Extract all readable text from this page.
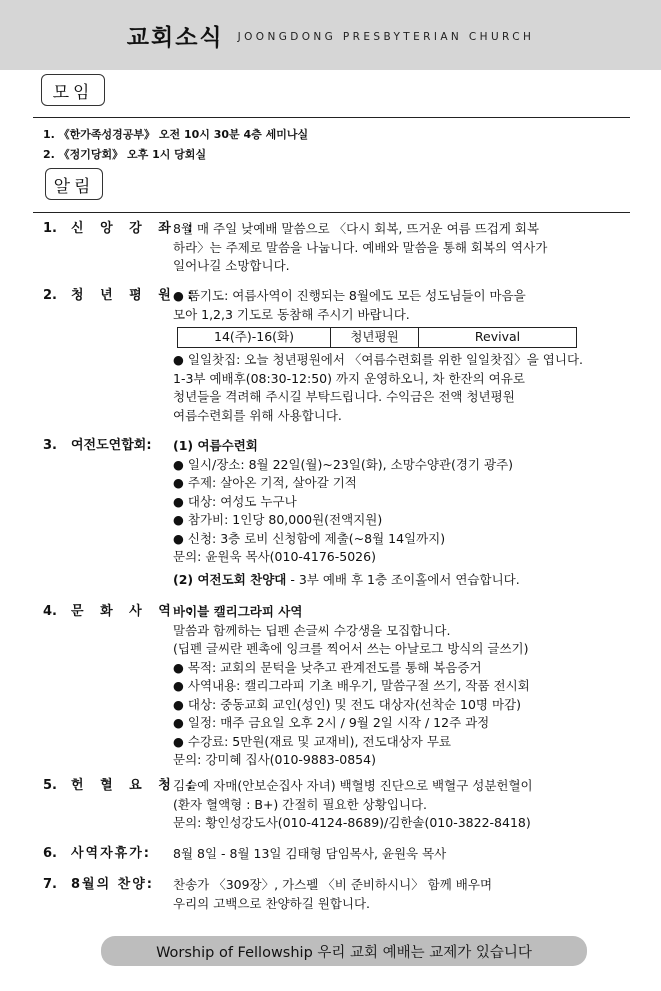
교회소식 JOONGDONG PRESBYTERIAN CHURCH
모임
1. 《한가족성경공부》 오전 10시 30분 4층 세미나실
2. 《정기당회》 오후 1시 당회실
알림
1. 신 앙 강 좌 :
8월 매 주일 낮예배 말씀으로 〈다시 회복, 뜨거운 여름 뜨겁게 회복
하라〉는 주제로 말씀을 나눕니다. 예배와 말씀을 통해 회복의 역사가
일어나길 소망합니다.
2. 청 년 평 원 :
● 품기도: 여름사역이 진행되는 8월에도 모든 성도님들이 마음을
모아 1,2,3 기도로 동참해 주시기 바랍니다.
14(주)-16(화)	청년평원	Revival
● 일일찻집: 오늘 청년평원에서 〈여름수련회를 위한 일일찻집〉을 엽니다.
1-3부 예배후(08:30-12:50) 까지 운영하오니, 차 한잔의 여유로
청년들을 격려해 주시길 부탁드립니다. 수익금은 전액 청년평원
여름수련회를 위해 사용합니다.
3. 여전도연합회: (1) 여름수련회
● 일시/장소: 8월 22일(월)~23일(화), 소망수양관(경기 광주)
● 주제: 살아온 기적, 살아갈 기적
● 대상: 여성도 누구나
● 참가비: 1인당 80,000원(전액지원)
● 신청: 3층 로비 신청함에 제출(~8월 14일까지)
문의: 윤원욱 목사(010-4176-5026)
(2) 여전도회 찬양대 - 3부 예배 후 1층 조이홀에서 연습합니다.
4. 문 화 사 역 :
바이블 캘리그라피 사역
말씀과 함께하는 딥펜 손글씨 수강생을 모집합니다.
(딥펜 글씨란 펜촉에 잉크를 찍어서 쓰는 아날로그 방식의 글쓰기)
● 목적: 교회의 문턱을 낮추고 관계전도를 통해 복음증거
● 사역내용: 캘리그라피 기초 배우기, 말씀구절 쓰기, 작품 전시회
● 대상: 중동교회 교인(성인) 및 전도 대상자(선착순 10명 마감)
● 일정: 매주 금요일 오후 2시 / 9월 2일 시작 / 12주 과정
● 수강료: 5만원(재료 및 교재비), 전도대상자 무료
문의: 강미혜 집사(010-9883-0854)
5. 헌 혈 요 청 :
김슬예 자매(안보순집사 자녀) 백혈병 진단으로 백혈구 성분헌혈이
(환자 혈액형 : B+) 간절히 필요한 상황입니다.
문의: 황인성강도사(010-4124-8689)/김한솔(010-3822-8418)
6. 사역자휴가: 8월 8일 - 8월 13일 김태형 담임목사, 윤원욱 목사
7. 8월의 찬양: 찬송가 〈309장〉, 가스펠 〈비 준비하시니〉 함께 배우며
우리의 고백으로 찬양하길 원합니다.
Worship of Fellowship 우리 교회 예배는 교제가 있습니다
